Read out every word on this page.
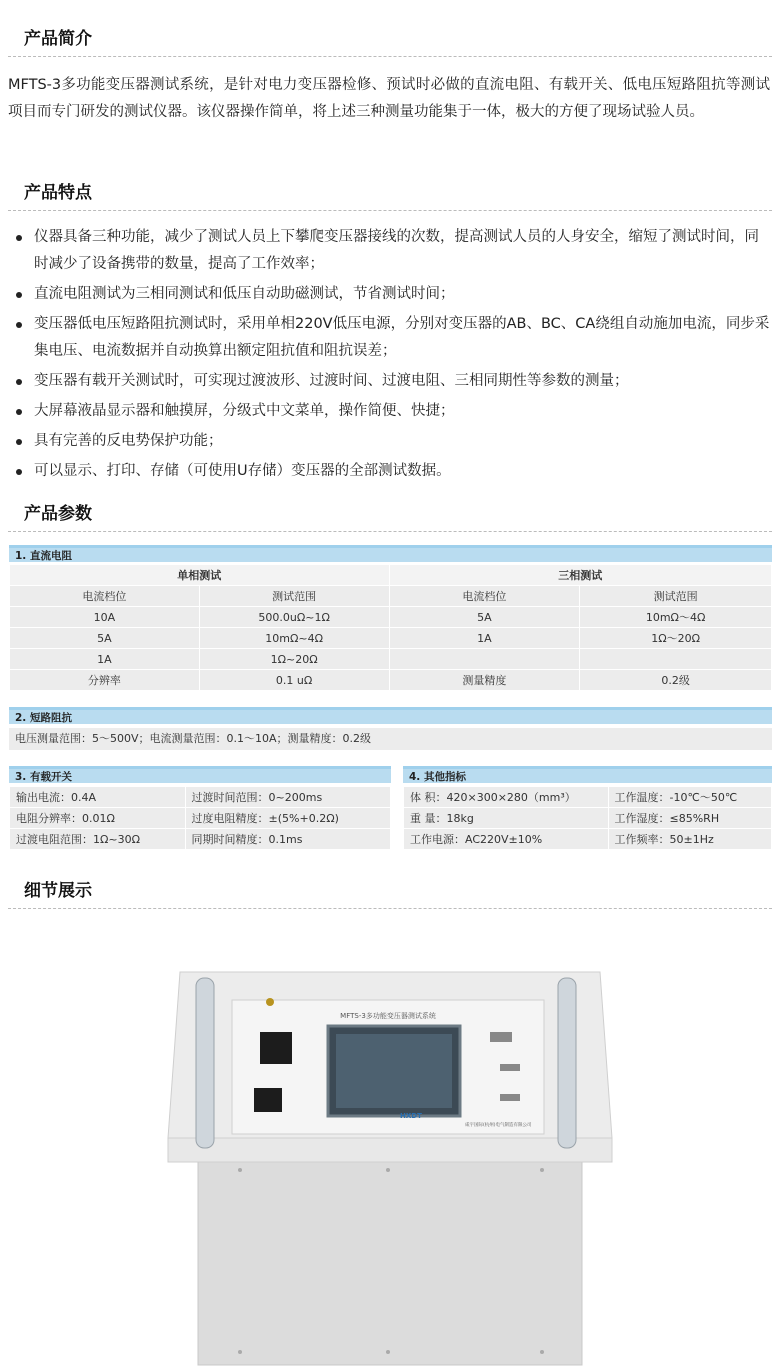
产品简介
MFTS-3多功能变压器测试系统，是针对电力变压器检修、预试时必做的直流电阻、有载开关、低电压短路阻抗等测试项目而专门研发的测试仪器。该仪器操作简单，将上述三种测量功能集于一体，极大的方便了现场试验人员。
产品特点
仪器具备三种功能，减少了测试人员上下攀爬变压器接线的次数，提高测试人员的人身安全，缩短了测试时间，同时减少了设备携带的数量，提高了工作效率；
直流电阻测试为三相同测试和低压自动助磁测试，节省测试时间；
变压器低电压短路阻抗测试时，采用单相220V低压电源，分别对变压器的AB、BC、CA绕组自动施加电流，同步采集电压、电流数据并自动换算出额定阻抗值和阻抗误差；
变压器有载开关测试时，可实现过渡波形、过渡时间、过渡电阻、三相同期性等参数的测量；
大屏幕液晶显示器和触摸屏，分级式中文菜单，操作简便、快捷；
具有完善的反电势保护功能；
可以显示、打印、存储（可使用U存储）变压器的全部测试数据。
产品参数
1. 直流电阻
单相测试		三相测试	
电流档位	测试范围	电流档位	测试范围
10A	500.0uΩ~1Ω	5A	10mΩ～4Ω
5A	10mΩ~4Ω	1A	1Ω～20Ω
1A	1Ω~20Ω		
分辨率	0.1 uΩ	测量精度	0.2级
2. 短路阻抗
电压测量范围：5～500V；电流测量范围：0.1～10A；测量精度：0.2级
3. 有载开关
输出电流：0.4A	过渡时间范围：0~200ms
电阻分辨率：0.01Ω	过度电阻精度：±(5%+0.2Ω)
过渡电阻范围：1Ω~30Ω	同期时间精度：0.1ms
4. 其他指标
体 积：420×300×280（mm³）	工作温度：-10℃～50℃
重 量：18kg	工作湿度：≤85%RH
工作电源：AC220V±10%	工作频率：50±1Hz
细节展示
MFTS-3多功能变压器测试系统
HXDT
咸宇国际(杭州)电气制造有限公司
